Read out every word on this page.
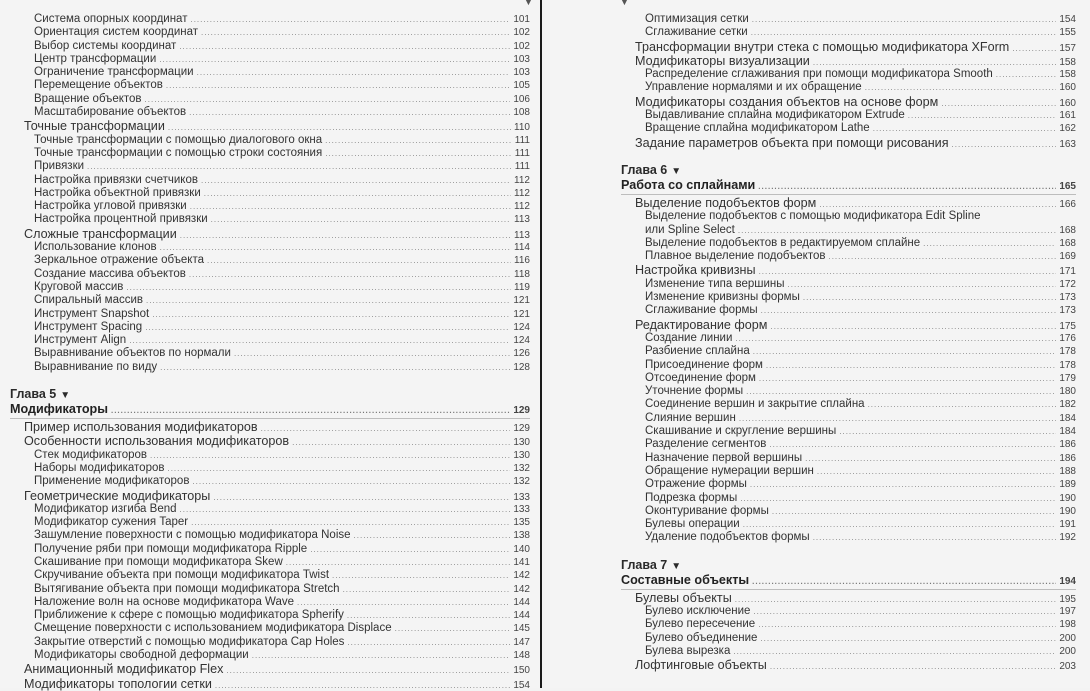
▼	▼
Система опорных координат .....	101
Ориентация систем координат .....	102
Выбор системы координат .....	102
Центр трансформации .....	103
Ограничение трансформации .....	103
Перемещение объектов .....	105
Вращение объектов .....	106
Масштабирование объектов .....	108
Точные трансформации .....	110
Точные трансформации с помощью диалогового окна .....	111
Точные трансформации с помощью строки состояния .....	111
Привязки .....	111
Настройка привязки счетчиков .....	112
Настройка объектной привязки .....	112
Настройка угловой привязки .....	112
Настройка процентной привязки .....	113
Сложные трансформации .....	113
Использование клонов .....	114
Зеркальное отражение объекта .....	116
Создание массива объектов .....	118
Круговой массив .....	119
Спиральный массив .....	121
Инструмент Snapshot .....	121
Инструмент Spacing .....	124
Инструмент Align .....	124
Выравнивание объектов по нормали .....	126
Выравнивание по виду .....	128
Глава 5 ▼
Модификаторы .....	129
Пример использования модификаторов .....	129
Особенности использования модификаторов .....	130
Стек модификаторов .....	130
Наборы модификаторов .....	132
Применение модификаторов .....	132
Геометрические модификаторы .....	133
Модификатор изгиба Bend .....	133
Модификатор сужения Taper .....	135
Зашумление поверхности с помощью модификатора Noise .....	138
Получение ряби при помощи модификатора Ripple .....	140
Скашивание при помощи модификатора Skew .....	141
Скручивание объекта при помощи модификатора Twist .....	142
Вытягивание объекта при помощи модификатора Stretch .....	142
Наложение волн на основе модификатора Wave .....	144
Приближение к сфере с помощью модификатора Spherify .....	144
Смещение поверхности с использованием модификатора Displace .....	145
Закрытие отверстий с помощью модификатора Cap Holes .....	147
Модификаторы свободной деформации .....	148
Анимационный модификатор Flex .....	150
Модификаторы топологии сетки .....	154
Оптимизация сетки .....	154
Сглаживание сетки .....	155
Трансформации внутри стека с помощью модификатора XForm .....	157
Модификаторы визуализации .....	158
Распределение сглаживания при помощи модификатора Smooth .....	158
Управление нормалями и их обращение .....	160
Модификаторы создания объектов на основе форм .....	160
Выдавливание сплайна модификатором Extrude .....	161
Вращение сплайна модификатором Lathe .....	162
Задание параметров объекта при помощи рисования .....	163
Глава 6 ▼
Работа со сплайнами .....	165
Выделение подобъектов форм .....	166
Выделение подобъектов с помощью модификатора Edit Spline
или Spline Select .....	168
Выделение подобъектов в редактируемом сплайне .....	168
Плавное выделение подобъектов .....	169
Настройка кривизны .....	171
Изменение типа вершины .....	172
Изменение кривизны формы .....	173
Сглаживание формы .....	173
Редактирование форм .....	175
Создание линии .....	176
Разбиение сплайна .....	178
Присоединение форм .....	178
Отсоединение форм .....	179
Уточнение формы .....	180
Соединение вершин и закрытие сплайна .....	182
Слияние вершин .....	184
Скашивание и скругление вершины .....	184
Разделение сегментов .....	186
Назначение первой вершины .....	186
Обращение нумерации вершин .....	188
Отражение формы .....	189
Подрезка формы .....	190
Оконтуривание формы .....	190
Булевы операции .....	191
Удаление подобъектов формы .....	192
Глава 7 ▼
Составные объекты .....	194
Булевы объекты .....	195
Булево исключение .....	197
Булево пересечение .....	198
Булево объединение .....	200
Булева вырезка .....	200
Лофтинговые объекты .....	203
